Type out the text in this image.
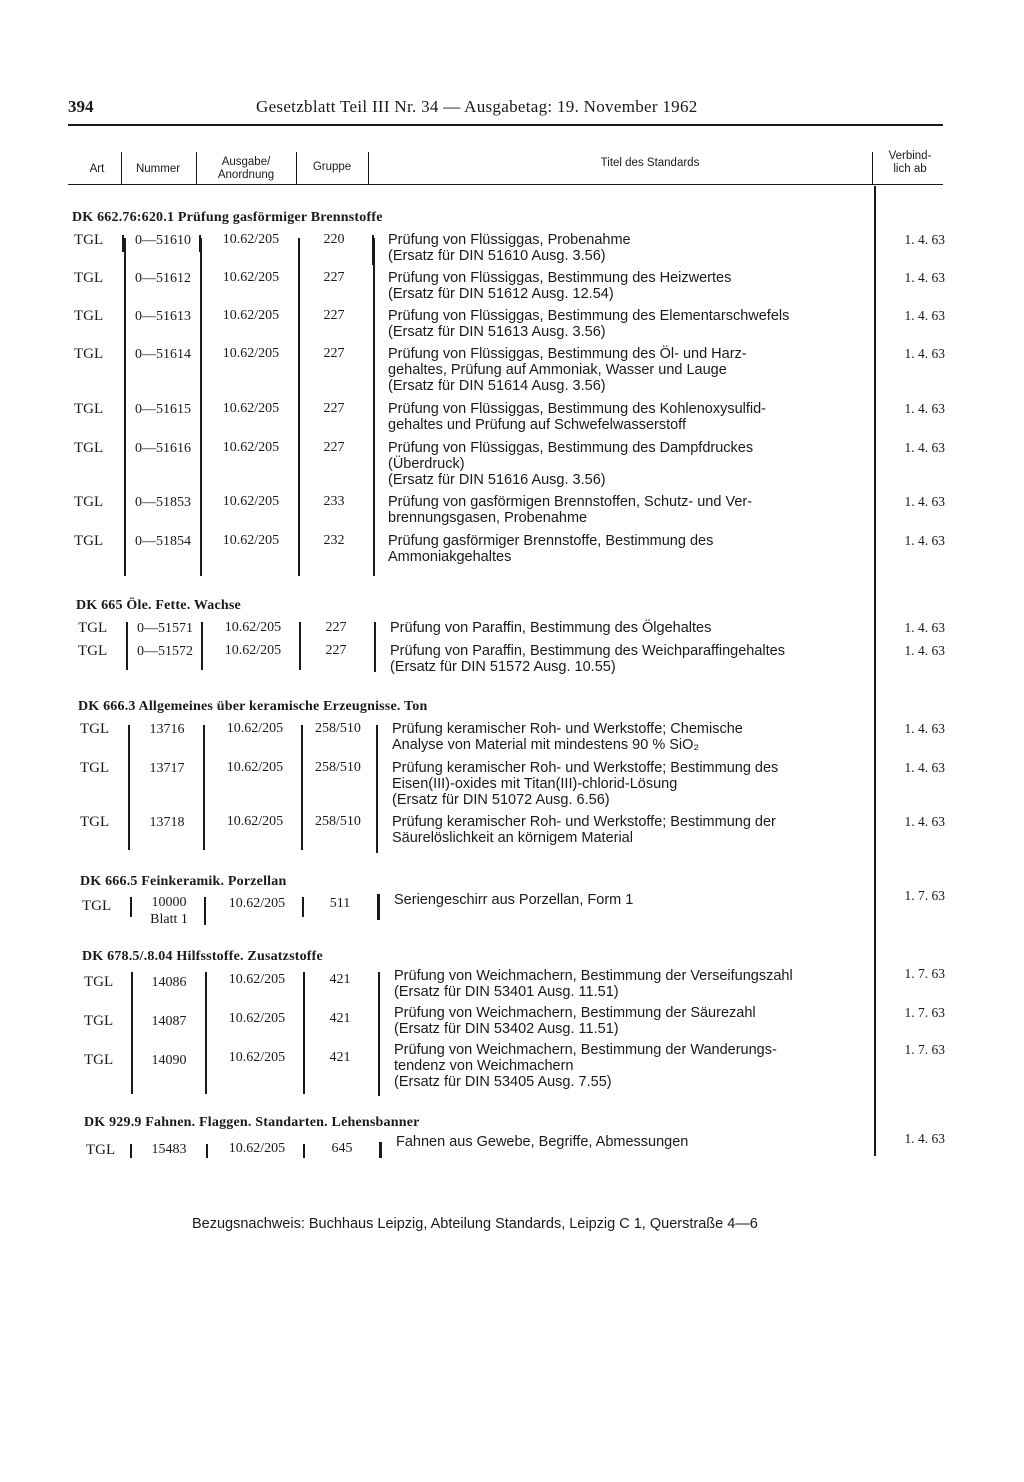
394	Gesetzblatt Teil III Nr. 34 — Ausgabetag: 19. November 1962
Art	Nummer
Ausgabe/
Anordnung
Gruppe	Titel des Standards
Verbind-
lich ab
DK 662.76:620.1 Prüfung gasförmiger Brennstoffe
TGL 0—51610	10.62/205	220	Prüfung von Flüssiggas, Probenahme
(Ersatz für DIN 51610 Ausg. 3.56)
1. 4. 63
TGL 0—51612	10.62/205	227	Prüfung von Flüssiggas, Bestimmung des Heizwertes
(Ersatz für DIN 51612 Ausg. 12.54)
1. 4. 63
TGL 0—51613	10.62/205	227	Prüfung von Flüssiggas, Bestimmung des Elementarschwefels
(Ersatz für DIN 51613 Ausg. 3.56)
1. 4. 63
TGL 0—51614	10.62/205	227	Prüfung von Flüssiggas, Bestimmung des Öl- und Harz-
gehaltes, Prüfung auf Ammoniak, Wasser und Lauge
(Ersatz für DIN 51614 Ausg. 3.56)
1. 4. 63
TGL 0—51615	10.62/205	227	Prüfung von Flüssiggas, Bestimmung des Kohlenoxysulfid-
gehaltes und Prüfung auf Schwefelwasserstoff
1. 4. 63
TGL 0—51616	10.62/205	227	Prüfung von Flüssiggas, Bestimmung des Dampfdruckes
(Überdruck)
(Ersatz für DIN 51616 Ausg. 3.56)
1. 4. 63
TGL 0—51853	10.62/205	233	Prüfung von gasförmigen Brennstoffen, Schutz- und Ver-
brennungsgasen, Probenahme
1. 4. 63
TGL 0—51854	10.62/205	232	Prüfung gasförmiger Brennstoffe, Bestimmung des
Ammoniakgehaltes
1. 4. 63
DK 665 Öle. Fette. Wachse
TGL 0—51571	10.62/205	227	Prüfung von Paraffin, Bestimmung des Ölgehaltes	1. 4. 63
TGL 0—51572	10.62/205	227	Prüfung von Paraffin, Bestimmung des Weichparaffingehaltes
(Ersatz für DIN 51572 Ausg. 10.55)
1. 4. 63
DK 666.3 Allgemeines über keramische Erzeugnisse. Ton
TGL	13716	10.62/205	258/510	Prüfung keramischer Roh- und Werkstoffe; Chemische
Analyse von Material mit mindestens 90 % SiO₂
1. 4. 63
TGL	13717	10.62/205	258/510	Prüfung keramischer Roh- und Werkstoffe; Bestimmung des
Eisen(III)-oxides mit Titan(III)-chlorid-Lösung
(Ersatz für DIN 51072 Ausg. 6.56)
1. 4. 63
TGL	13718	10.62/205	258/510	Prüfung keramischer Roh- und Werkstoffe; Bestimmung der
Säurelöslichkeit an körnigem Material
1. 4. 63
DK 666.5 Feinkeramik. Porzellan
TGL	10000
Blatt 1
10.62/205	511	Seriengeschirr aus Porzellan, Form 1	1. 7. 63
DK 678.5/.8.04 Hilfsstoffe. Zusatzstoffe
TGL	14086	10.62/205	421	Prüfung von Weichmachern, Bestimmung der Verseifungszahl
(Ersatz für DIN 53401 Ausg. 11.51)
1. 7. 63
TGL	14087	10.62/205	421	Prüfung von Weichmachern, Bestimmung der Säurezahl
(Ersatz für DIN 53402 Ausg. 11.51)
1. 7. 63
TGL	14090	10.62/205	421	Prüfung von Weichmachern, Bestimmung der Wanderungs-
tendenz von Weichmachern
(Ersatz für DIN 53405 Ausg. 7.55)
1. 7. 63
DK 929.9 Fahnen. Flaggen. Standarten. Lehensbanner
TGL	15483	10.62/205	645	Fahnen aus Gewebe, Begriffe, Abmessungen	1. 4. 63
Bezugsnachweis: Buchhaus Leipzig, Abteilung Standards, Leipzig C 1, Querstraße 4—6
